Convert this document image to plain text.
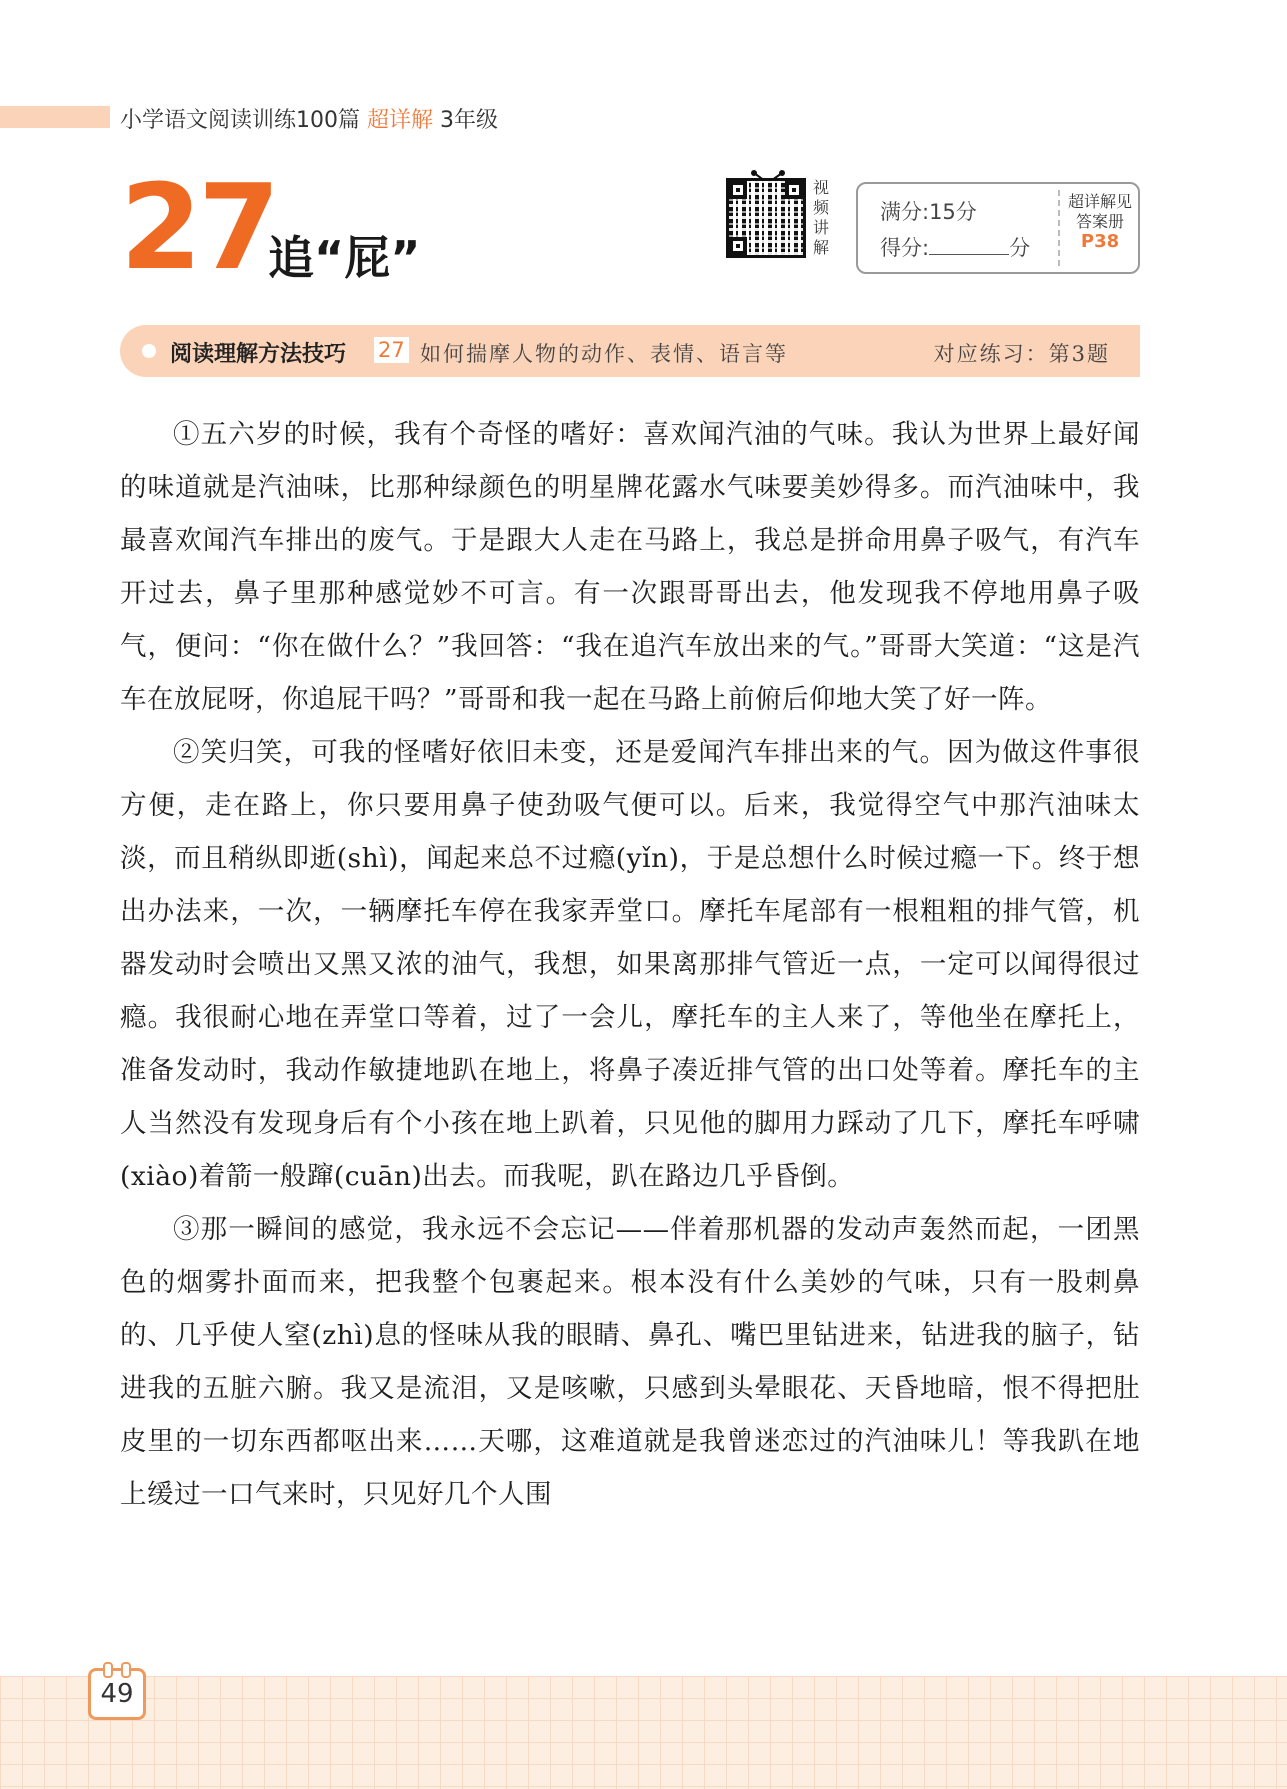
小学语文阅读训练100篇 超详解 3年级
27
追“屁”
视
频
讲
解
满分:15分
得分:	分
超详解见
答案册
P38
阅读理解方法技巧 27 如何揣摩人物的动作、表情、语言等	对应练习：第3题

①五六岁的时候，我有个奇怪的嗜好：喜欢闻汽油的气味。我认为世界上最好闻的味道就是汽油味，比那种绿颜色的明星牌花露水气味要美妙得多。而汽油味中，我最喜欢闻汽车排出的废气。于是跟大人走在马路上，我总是拼命用鼻子吸气，有汽车开过去，鼻子里那种感觉妙不可言。有一次跟哥哥出去，他发现我不停地用鼻子吸气，便问：“你在做什么？”我回答：“我在追汽车放出来的气。”哥哥大笑道：“这是汽车在放屁呀，你追屁干吗？”哥哥和我一起在马路上前俯后仰地大笑了好一阵。

②笑归笑，可我的怪嗜好依旧未变，还是爱闻汽车排出来的气。因为做这件事很方便，走在路上，你只要用鼻子使劲吸气便可以。后来，我觉得空气中那汽油味太淡，而且稍纵即逝(shì)，闻起来总不过瘾(yǐn)，于是总想什么时候过瘾一下。终于想出办法来，一次，一辆摩托车停在我家弄堂口。摩托车尾部有一根粗粗的排气管，机器发动时会喷出又黑又浓的油气，我想，如果离那排气管近一点，一定可以闻得很过瘾。我很耐心地在弄堂口等着，过了一会儿，摩托车的主人来了，等他坐在摩托上，准备发动时，我动作敏捷地趴在地上，将鼻子凑近排气管的出口处等着。摩托车的主人当然没有发现身后有个小孩在地上趴着，只见他的脚用力踩动了几下，摩托车呼啸(xiào)着箭一般蹿(cuān)出去。而我呢，趴在路边几乎昏倒。

③那一瞬间的感觉，我永远不会忘记——伴着那机器的发动声轰然而起，一团黑色的烟雾扑面而来，把我整个包裹起来。根本没有什么美妙的气味，只有一股刺鼻的、几乎使人窒(zhì)息的怪味从我的眼睛、鼻孔、嘴巴里钻进来，钻进我的脑子，钻进我的五脏六腑。我又是流泪，又是咳嗽，只感到头晕眼花、天昏地暗，恨不得把肚皮里的一切东西都呕出来……天哪，这难道就是我曾迷恋过的汽油味儿！等我趴在地上缓过一口气来时，只见好几个人围

49
